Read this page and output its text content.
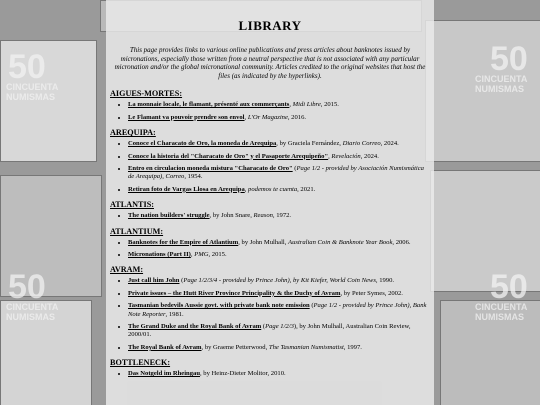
50
CINCUENTA NUMISMAS
50
CINCUENTA NUMISMAS
50
CINCUENTA NUMISMAS
50
CINCUENTA NUMISMAS
LIBRARY

This page provides links to various online publications and press articles about banknotes issued by micronations, especially those written from a neutral perspective that is not associated with any particular micronation and/or the global micronational community. Articles credited to the original websites that host the files (as indicated by the hyperlinks).

AIGUES-MORTES:
• La monnaie locale, le flamant, présenté aux commerçants, Midi Libre, 2015.
• Le Flamant va pouvoir prendre son envol, L'Or Magazine, 2016.
AREQUIPA:
• Conoce el Characato de Oro, la moneda de Arequipa, by Graciela Fernández, Diario Correo, 2024.
• Conoce la historia del "Characato de Oro" y el Pasaporte Arequipeño", Revelación, 2024.
• Entro en circulacion moneda mistura "Characato de Oro" (Page 1/2 - provided by Asociación Numismática de Arequipa), Correo, 1954.
• Retiran foto de Vargas Llosa en Arequipa, podemos te cuenta, 2021.
ATLANTIS:
• The nation builders' struggle, by John Snare, Reason, 1972.
ATLANTIUM:
• Banknotes for the Empire of Atlantium, by John Mulhall, Australian Coin & Banknote Year Book, 2006.
• Micronations (Part II), PMG, 2015.
AVRAM:
• Just call him John (Page 1/2/3/4 - provided by Prince John), by Kit Kiefer, World Coin News, 1990.
• Private issues – the Hutt River Province Principality & the Duchy of Avram, by Peter Symes, 2002.
• Tasmanian bedevils Aussie govt. with private bank note emission (Page 1/2 - provided by Prince John), Bank Note Reporter, 1981.
• The Grand Duke and the Royal Bank of Avram (Page 1/2/3), by John Mulhall, Australian Coin Review, 2000/01.
• The Royal Bank of Avram, by Graeme Petterwood, The Tasmanian Numismatist, 1997.
BOTTLENECK:
• Das Notgeld im Rheingau, by Heinz-Dieter Molitor, 2010.
